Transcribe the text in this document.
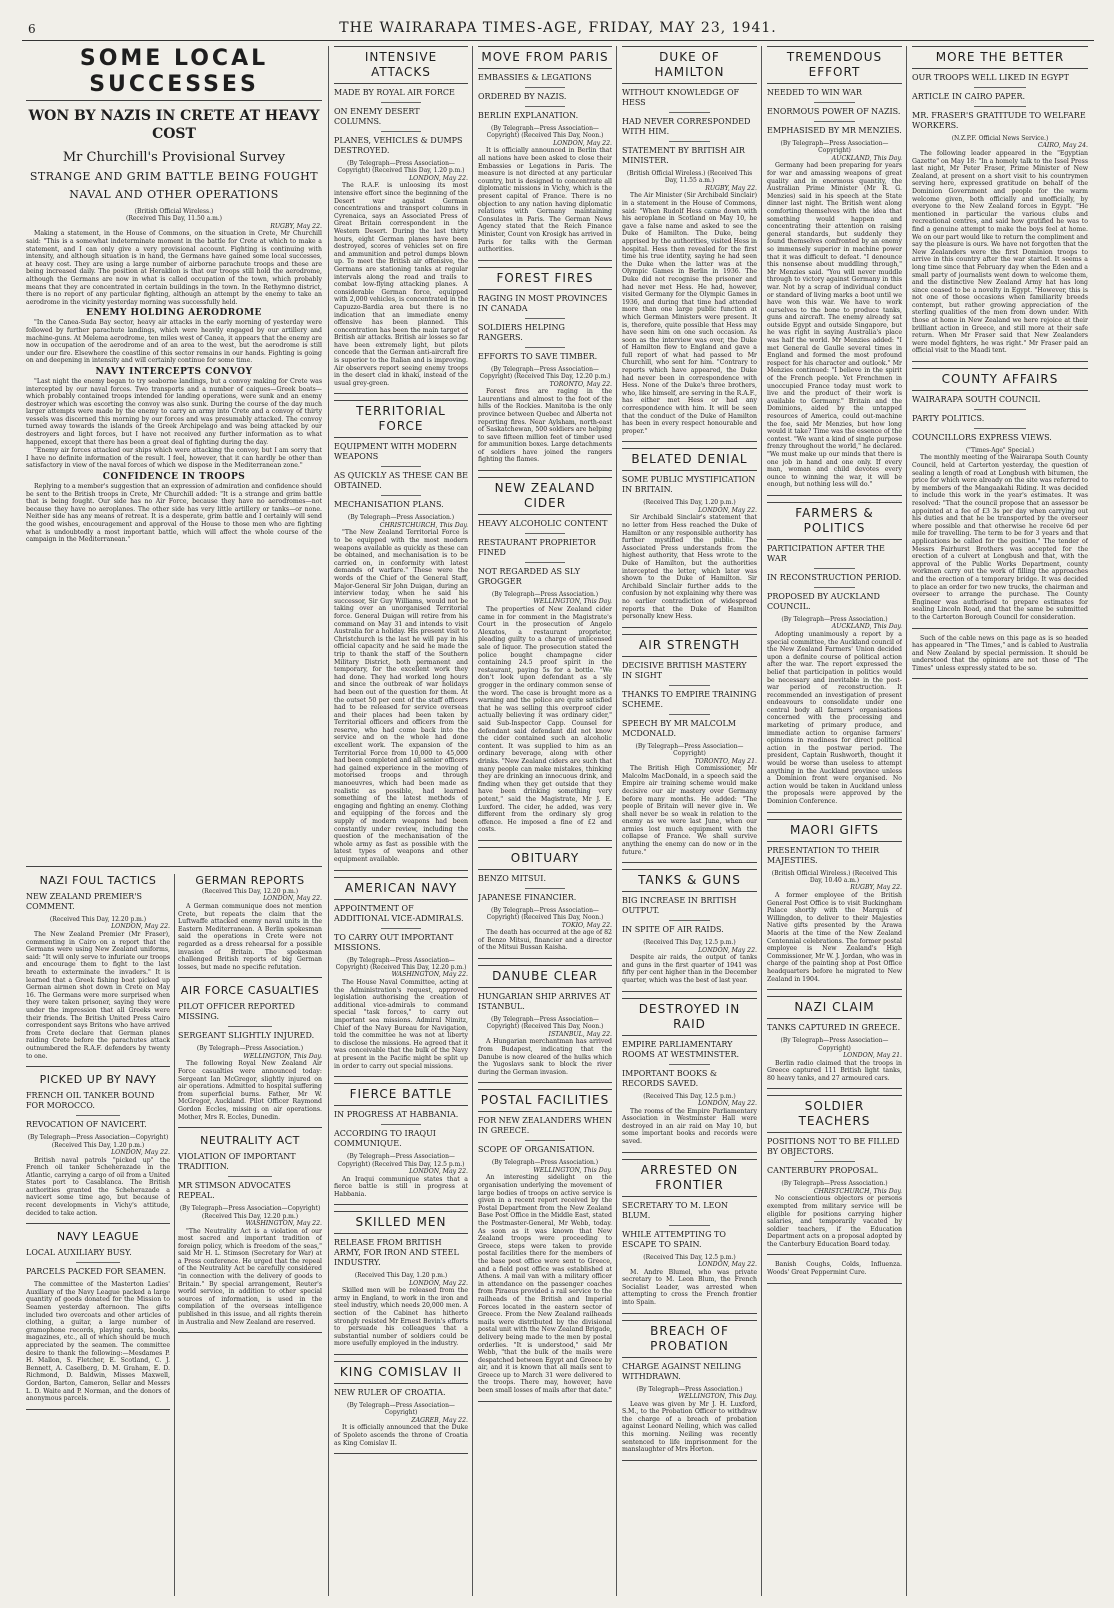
6	THE WAIRARAPA TIMES-AGE, FRIDAY, MAY 23, 1941.
SOME LOCAL SUCCESSES
WON BY NAZIS IN CRETE AT HEAVY COST
Mr Churchill's Provisional Survey
STRANGE AND GRIM BATTLE BEING FOUGHT
NAVAL AND OTHER OPERATIONS
(British Official Wireless.)
(Received This Day, 11.50 a.m.)
RUGBY, May 22.

Making a statement, in the House of Commons, on the situation in Crete, Mr Churchill said: "This is a somewhat indeterminate moment in the battle for Crete at which to make a statement, and I can only give a very provisional account. Fighting is continuing with intensity, and although situation is in hand, the Germans have gained some local successes, at heavy cost. They are using a large number of airborne parachute troops and these are being increased daily. The position at Heraklion is that our troops still hold the aerodrome, although the Germans are now in what is called occupation of the town, which probably means that they are concentrated in certain buildings in the town. In the Rethymno district, there is no report of any particular fighting, although an attempt by the enemy to take an aerodrome in the vicinity yesterday morning was successfully held.

ENEMY HOLDING AERODROME

"In the Canea-Suda Bay sector, heavy air attacks in the early morning of yesterday were followed by further parachute landings, which were heavily engaged by our artillery and machine-guns. At Melema aerodrome, ten miles west of Canea, it appears that the enemy are now in occupation of the aerodrome and of an area to the west, but the aerodrome is still under our fire. Elsewhere the coastline of this sector remains in our hands. Fighting is going on and deepening in intensity and will certainly continue for some time.

NAVY INTERCEPTS CONVOY

"Last night the enemy began to try seaborne landings, but a convoy making for Crete was intercepted by our naval forces. Two transports and a number of caiques—Greek boats—which probably contained troops intended for landing operations, were sunk and an enemy destroyer which was escorting the convoy was also sunk. During the course of the day much larger attempts were made by the enemy to carry an army into Crete and a convoy of thirty vessels was discerned this morning by our forces and was presumably attacked. The convoy turned away towards the islands of the Greek Archipelago and was being attacked by our destroyers and light forces, but I have not received any further information as to what happened, except that there has been a great deal of fighting during the day.

"Enemy air forces attacked our ships which were attacking the convoy, but I am sorry that I have no definite information of the result. I feel, however, that it can hardly be other than satisfactory in view of the naval forces of which we dispose in the Mediterranean zone."

CONFIDENCE IN TROOPS

Replying to a member's suggestion that an expression of admiration and confidence should be sent to the British troops in Crete, Mr Churchill added: "It is a strange and grim battle that is being fought. Our side has no Air Force, because they have no aerodromes—not because they have no aeroplanes. The other side has very little artillery or tanks—or none. Neither side has any means of retreat. It is a desperate, grim battle and I certainly will send the good wishes, encouragement and approval of the House to those men who are fighting what is undoubtedly a most important battle, which will affect the whole course of the campaign in the Mediterranean."

NAZI FOUL TACTICS
NEW ZEALAND PREMIER'S COMMENT.
(Received This Day, 12.20 p.m.)
LONDON, May 22.

The New Zealand Premier (Mr Fraser), commenting in Cairo on a report that the Germans were using New Zealand uniforms, said: "It will only serve to infuriate our troops and encourage them to fight to the last breath to exterminate the invaders." It is learned that a Greek fishing boat picked up German airmen shot down in Crete on May 16. The Germans were more surprised when they were taken prisoner, saying they were under the impression that all Greeks were their friends. The British United Press Cairo correspondent says Britons who have arrived from Crete declare that German planes raiding Crete before the parachutes attack outnumbered the R.A.F. defenders by twenty to one.

PICKED UP BY NAVY
FRENCH OIL TANKER BOUND FOR MOROCCO.
REVOCATION OF NAVICERT.
(By Telegraph—Press Association—Copyright) (Received This Day, 1.20 p.m.)
LONDON, May 22.

British naval patrols "picked up" the French oil tanker Scheherazade in the Atlantic, carrying a cargo of oil from a United States port to Casablanca. The British authorities granted the Scheherazade a navicert some time ago, but because of recent developments in Vichy's attitude, decided to take action.

NAVY LEAGUE
LOCAL AUXILIARY BUSY.
PARCELS PACKED FOR SEAMEN.

The committee of the Masterton Ladies' Auxiliary of the Navy League packed a large quantity of goods donated for the Mission to Seamen yesterday afternoon. The gifts included two overcoats and other articles of clothing, a guitar, a large number of gramophone records, playing cards, books, magazines, etc., all of which should be much appreciated by the seamen. The committee desire to thank the following:—Mesdames P. H. Mallon, S. Fletcher, E. Scotland, C. J. Bennett, A. Caselberg, D. M. Graham, E. D. Richmond, D. Baldwin, Misses Maxwell, Gordon, Barton, Cameron, Sellar and Messrs L. D. Waite and P. Norman, and the donors of anonymous parcels.

GERMAN REPORTS
(Received This Day, 12.20 p.m.)
LONDON, May 22.

A German communique does not mention Crete, but repeats the claim that the Luftwaffe attacked enemy naval units in the Eastern Mediterranean. A Berlin spokesman said the operations in Crete were not regarded as a dress rehearsal for a possible invasion of Britain. The spokesman challenged British reports of big German losses, but made no specific refutation.

AIR FORCE CASUALTIES
PILOT OFFICER REPORTED MISSING.
SERGEANT SLIGHTLY INJURED.
(By Telegraph—Press Association.)
WELLINGTON, This Day.

The following Royal New Zealand Air Force casualties were announced today: Sergeant Ian McGregor, slightly injured on air operations. Admitted to hospital suffering from superficial burns. Father, Mr W. McGregor, Auckland. Pilot Officer Raymond Gordon Eccles, missing on air operations. Mother, Mrs R. Eccles, Dunedin.

NEUTRALITY ACT
VIOLATION OF IMPORTANT TRADITION.
MR STIMSON ADVOCATES REPEAL.
(By Telegraph—Press Association—Copyright) (Received This Day, 12.20 p.m.)
WASHINGTON, May 22.

"The Neutrality Act is a violation of our most sacred and important tradition of foreign policy, which is freedom of the seas," said Mr H. L. Stimson (Secretary for War) at a Press conference. He urged that the repeal of the Neutrality Act be carefully considered "in connection with the delivery of goods to Britain." By special arrangement, Reuter's world service, in addition to other special sources of information, is used in the compilation of the overseas intelligence published in this issue, and all rights therein in Australia and New Zealand are reserved.

INTENSIVE ATTACKS
MADE BY ROYAL AIR FORCE
ON ENEMY DESERT COLUMNS.
PLANES, VEHICLES & DUMPS DESTROYED.
(By Telegraph—Press Association—Copyright) (Received This Day, 1.20 p.m.)
LONDON, May 22.

The R.A.F. is unloosing its most intensive effort since the beginning of the Desert war against German concentrations and transport columns in Cyrenaica, says an Associated Press of Great Britain correspondent in the Western Desert. During the last thirty hours, eight German planes have been destroyed, scores of vehicles set on fire and ammunition and petrol dumps blown up. To meet the British air offensive, the Germans are stationing tanks at regular intervals along the road and trails to combat low-flying attacking planes. A considerable German force, equipped with 2,000 vehicles, is concentrated in the Capuzzo-Bardia area but there is no indication that an immediate enemy offensive has been planned. This concentration has been the main target of British air attacks. British air losses so far have been extremely light, but pilots concede that the German anti-aircraft fire is superior to the Italian and is improving. Air observers report seeing enemy troops in the desert clad in khaki, instead of the usual grey-green.

TERRITORIAL FORCE
EQUIPMENT WITH MODERN WEAPONS
AS QUICKLY AS THESE CAN BE OBTAINED.
MECHANISATION PLANS.
(By Telegraph—Press Association.)
CHRISTCHURCH, This Day.

"The New Zealand Territorial Force is to be equipped with the most modern weapons available as quickly as these can be obtained, and mechanisation is to be carried on, in conformity with latest demands of warfare." These were the words of the Chief of the General Staff, Major-General Sir John Duigan, during an interview today, when he said his successor, Sir Guy Williams, would not be taking over an unorganised Territorial force. General Duigan will retire from his command on May 31 and intends to visit Australia for a holiday. His present visit to Christchurch is the last he will pay in his official capacity and he said he made the trip to thank the staff of the Southern Military District, both permanent and temporary, for the excellent work they had done. They had worked long hours and since the outbreak of war holidays had been out of the question for them. At the outset 50 per cent of the staff officers had to be released for service overseas and their places had been taken by Territorial officers and officers from the reserve, who had come back into the service and on the whole had done excellent work. The expansion of the Territorial Force from 10,000 to 45,000 had been completed and all senior officers had gained experience in the moving of motorised troops and through manoeuvres, which had been made as realistic as possible, had learned something of the latest methods of engaging and fighting an enemy. Clothing and equipping of the forces and the supply of modern weapons had been constantly under review, including the question of the mechanisation of the whole army as fast as possible with the latest types of weapons and other equipment available.

AMERICAN NAVY
APPOINTMENT OF ADDITIONAL VICE-ADMIRALS.
TO CARRY OUT IMPORTANT MISSIONS.
(By Telegraph—Press Association—Copyright) (Received This Day, 12.20 p.m.)
WASHINGTON, May 22.

The House Naval Committee, acting at the Administration's request, approved legislation authorising the creation of additional vice-admirals to command special "task forces," to carry out important sea missions. Admiral Nimitz, Chief of the Navy Bureau for Navigation, told the committee he was not at liberty to disclose the missions. He agreed that it was conceivable that the bulk of the Navy at present in the Pacific might be split up in order to carry out special missions.

FIERCE BATTLE
IN PROGRESS AT HABBANIA.
ACCORDING TO IRAQUI COMMUNIQUE.
(By Telegraph—Press Association—Copyright) (Received This Day, 12.5 p.m.)
LONDON, May 22.

An Iraqui communique states that a fierce battle is still in progress at Habbania.

SKILLED MEN
RELEASE FROM BRITISH ARMY, FOR IRON AND STEEL INDUSTRY.
(Received This Day, 1.20 p.m.)
LONDON, May 22.

Skilled men will be released from the army in England, to work in the iron and steel industry, which needs 20,000 men. A section of the Cabinet has hitherto strongly resisted Mr Ernest Bevin's efforts to persuade his colleagues that a substantial number of soldiers could be more usefully employed in the industry.

KING COMISLAV II
NEW RULER OF CROATIA.
(By Telegraph—Press Association—Copyright)
ZAGREB, May 22.

It is officially announced that the Duke of Spoleto ascends the throne of Croatia as King Comislav II.

MOVE FROM PARIS
EMBASSIES & LEGATIONS
ORDERED BY NAZIS.
BERLIN EXPLANATION.
(By Telegraph—Press Association—Copyright) (Received This Day, Noon.)
LONDON, May 22.

It is officially announced in Berlin that all nations have been asked to close their Embassies or Legations in Paris. The measure is not directed at any particular country, but is designed to concentrate all diplomatic missions in Vichy, which is the present capital of France. There is no objection to any nation having diplomatic relations with Germany maintaining Consulates in Paris. The German News Agency stated that the Reich Finance Minister, Count von Krosigk has arrived in Paris for talks with the German authorities.

FOREST FIRES
RAGING IN MOST PROVINCES IN CANADA
SOLDIERS HELPING RANGERS.
EFFORTS TO SAVE TIMBER.
(By Telegraph—Press Association—Copyright) (Received This Day, 12.20 p.m.)
TORONTO, May 22.

Forest fires are raging in the Laurentians and almost to the foot of the hills of the Rockies. Manitoba is the only province between Quebec and Alberta not reporting fires. Near Aylsham, north-east of Saskatchewan, 500 soldiers are helping to save fifteen million feet of timber used for ammunition boxes. Large detachments of soldiers have joined the rangers fighting the flames.

NEW ZEALAND CIDER
HEAVY ALCOHOLIC CONTENT
RESTAURANT PROPRIETOR FINED
NOT REGARDED AS SLY GROGGER
(By Telegraph—Press Association.)
WELLINGTON, This Day.

The properties of New Zealand cider came in for comment in the Magistrate's Court in the prosecution of Angelo Alexatos, a restaurant proprietor, pleading guilty to a charge of unlicensed sale of liquor. The prosecution stated the police bought champagne cider containing 24.5 proof spirit in the restaurant, paying 5s for a bottle. "We don't look upon defendant as a sly grogger in the ordinary common sense of the word. The case is brought more as a warning and the police are quite satisfied that he was selling this overproof cider actually believing it was ordinary cider," said Sub-Inspector Capp. Counsel for defendant said defendant did not know the cider contained such an alcoholic content. It was supplied to him as an ordinary beverage, along with other drinks. "New Zealand ciders are such that many people can make mistakes, thinking they are drinking an innocuous drink, and finding when they get outside that they have been drinking something very potent," said the Magistrate, Mr J. E. Luxford. The cider, he added, was very different from the ordinary sly grog offence. He imposed a fine of £2 and costs.

OBITUARY
BENZO MITSUI.
JAPANESE FINANCIER.
(By Telegraph—Press Association—Copyright) (Received This Day, Noon.)
TOKIO, May 22.

The death has occurred at the age of 82 of Benzo Mitsui, financier and a director of the Mitsui Bussan Kaisha.

DANUBE CLEAR
HUNGARIAN SHIP ARRIVES AT ISTANBUL.
(By Telegraph—Press Association—Copyright) (Received This Day, Noon.)
ISTANBUL, May 22.

A Hungarian merchantman has arrived from Budapest, indicating that the Danube is now cleared of the hulks which the Yugoslavs sank to block the river during the German invasion.

POSTAL FACILITIES
FOR NEW ZEALANDERS WHEN IN GREECE.
SCOPE OF ORGANISATION.
(By Telegraph—Press Association.)
WELLINGTON, This Day.

An interesting sidelight on the organisation underlying the movement of large bodies of troops on active service is given in a recent report received by the Postal Department from the New Zealand Base Post Office in the Middle East, stated the Postmaster-General, Mr Webb, today. As soon as it was known that New Zealand troops were proceeding to Greece, steps were taken to provide postal facilities there for the members of the base post office were sent to Greece, and a field post office was established at Athens. A mail van with a military officer in attendance on the passenger coaches from Piraeus provided a rail service to the railheads of the British and Imperial Forces located in the eastern sector of Greece. From the New Zealand railheads mails were distributed by the divisional postal unit with the New Zealand Brigade, delivery being made to the men by postal orderlies. "It is understood," said Mr Webb, "that the bulk of the mails were despatched between Egypt and Greece by air, and it is known that all mails sent to Greece up to March 31 were delivered to the troops. There may, however, have been small losses of mails after that date."

DUKE OF HAMILTON
WITHOUT KNOWLEDGE OF HESS
HAD NEVER CORRESPONDED WITH HIM.
STATEMENT BY BRITISH AIR MINISTER.
(British Official Wireless.) (Received This Day, 11.55 a.m.)
RUGBY, May 22.

The Air Minister (Sir Archibald Sinclair) in a statement in the House of Commons, said: "When Rudolf Hess came down with his aeroplane in Scotland on May 10, he gave a false name and asked to see the Duke of Hamilton. The Duke, being apprised by the authorities, visited Hess in hospital. Hess then revealed for the first time his true identity, saying he had seen the Duke when the latter was at the Olympic Games in Berlin in 1936. The Duke did not recognise the prisoner and had never met Hess. He had, however, visited Germany for the Olympic Games in 1936, and during that time had attended more than one large public function at which German Ministers were present. It is, therefore, quite possible that Hess may have seen him on one such occasion. As soon as the interview was over, the Duke of Hamilton flew to England and gave a full report of what had passed to Mr Churchill, who sent for him. "Contrary to reports which have appeared, the Duke had never been in correspondence with Hess. None of the Duke's three brothers, who, like himself, are serving in the R.A.F., has either met Hess or had any correspondence with him. It will be seen that the conduct of the Duke of Hamilton has been in every respect honourable and proper."

BELATED DENIAL
SOME PUBLIC MYSTIFICATION IN BRITAIN.
(Received This Day, 1.20 p.m.)
LONDON, May 22.

Sir Archibald Sinclair's statement that no letter from Hess reached the Duke of Hamilton or any responsible authority has further mystified the public. The Associated Press understands from the highest authority, that Hess wrote to the Duke of Hamilton, but the authorities intercepted the letter, which later was shown to the Duke of Hamilton. Sir Archibald Sinclair further adds to the confusion by not explaining why there was no earlier contradiction of widespread reports that the Duke of Hamilton personally knew Hess.

AIR STRENGTH
DECISIVE BRITISH MASTERY IN SIGHT
THANKS TO EMPIRE TRAINING SCHEME.
SPEECH BY MR MALCOLM MCDONALD.
(By Telegraph—Press Association—Copyright)
TORONTO, May 21.

The British High Commissioner, Mr Malcolm MacDonald, in a speech said the Empire air training scheme would make decisive our air mastery over Germany before many months. He added: "The people of Britain will never give in. We shall never be so weak in relation to the enemy as we were last June, when our armies lost much equipment with the collapse of France. We shall survive anything the enemy can do now or in the future."

TANKS & GUNS
BIG INCREASE IN BRITISH OUTPUT.
IN SPITE OF AIR RAIDS.
(Received This Day, 12.5 p.m.)
LONDON, May 22.

Despite air raids, the output of tanks and guns in the first quarter of 1941 was fifty per cent higher than in the December quarter, which was the best of last year.

DESTROYED IN RAID
EMPIRE PARLIAMENTARY ROOMS AT WESTMINSTER.
IMPORTANT BOOKS & RECORDS SAVED.
(Received This Day, 12.5 p.m.)
LONDON, May 22.

The rooms of the Empire Parliamentary Association in Westminster Hall were destroyed in an air raid on May 10, but some important books and records were saved.

ARRESTED ON FRONTIER
SECRETARY TO M. LEON BLUM.
WHILE ATTEMPTING TO ESCAPE TO SPAIN.
(Received This Day, 12.5 p.m.)
LONDON, May 22.

M. Andre Blumel, who was private secretary to M. Leon Blum, the French Socialist Leader, was arrested when attempting to cross the French frontier into Spain.

BREACH OF PROBATION
CHARGE AGAINST NEILING WITHDRAWN.
(By Telegraph—Press Association.)
WELLINGTON, This Day.

Leave was given by Mr J. H. Luxford, S.M., to the Probation Officer to withdraw the charge of a breach of probation against Leonard Neiling, which was called this morning. Neiling was recently sentenced to life imprisonment for the manslaughter of Mrs Horton.

TREMENDOUS EFFORT
NEEDED TO WIN WAR
ENORMOUS POWER OF NAZIS.
EMPHASISED BY MR MENZIES.
(By Telegraph—Press Association—Copyright)
AUCKLAND, This Day.

Germany had been preparing for years for war and amassing weapons of great quality and in enormous quantity, the Australian Prime Minister (Mr R. G. Menzies) said in his speech at the State dinner last night. The British went along comforting themselves with the idea that something would happen and concentrating their attention on raising general standards, but suddenly they found themselves confronted by an enemy so immensely superior in machine power that it was difficult to defeat. "I denounce this nonsense about muddling through," Mr Menzies said. "You will never muddle through to victory against Germany in this war. Not by a scrap of individual conduct or standard of living marks a boot until we have won this war. We have to work ourselves to the bone to produce tanks, guns and aircraft. The enemy already sat outside Egypt and outside Singapore, but he was right in saying Australia's place was half the world. Mr Menzies added: "I met General de Gaulle several times in England and formed the most profound respect for his character and outlook." Mr Menzies continued: "I believe in the spirit of the French people. Yet Frenchmen in unoccupied France today must work to live and the product of their work is available to Germany." Britain and the Dominions, aided by the untapped resources of America, could out-machine the foe, said Mr Menzies, but how long would it take? Time was the essence of the contest. "We want a kind of single purpose frenzy throughout the world," he declared. "We must make up our minds that there is one job in hand and one only. If every man, woman and child devotes every ounce to winning the war, it will be enough, but nothing less will do."

FARMERS & POLITICS
PARTICIPATION AFTER THE WAR
IN RECONSTRUCTION PERIOD.
PROPOSED BY AUCKLAND COUNCIL.
(By Telegraph—Press Association.)
AUCKLAND, This Day.

Adopting unanimously a report by a special committee, the Auckland council of the New Zealand Farmers' Union decided upon a definite course of political action after the war. The report expressed the belief that participation in politics would be necessary and inevitable in the post-war period of reconstruction. It recommended an investigation of present endeavours to consolidate under one central body all farmers' organisations concerned with the processing and marketing of primary produce, and immediate action to organise farmers' opinions in readiness for direct political action in the postwar period. The president, Captain Rushworth, thought it would be worse than useless to attempt anything in the Auckland province unless a Dominion front were organised. No action would be taken in Auckland unless the proposals were approved by the Dominion Conference.

MAORI GIFTS
PRESENTATION TO THEIR MAJESTIES.
(British Official Wireless.) (Received This Day, 10.40 a.m.)
RUGBY, May 22.

A former employee of the British General Post Office is to visit Buckingham Palace shortly with the Marquis of Willingdon, to deliver to their Majesties Native gifts presented by the Arawa Maoris at the time of the New Zealand Centennial celebrations. The former postal employee is New Zealand's High Commissioner, Mr W. J. Jordan, who was in charge of the painting shop at Post Office headquarters before he migrated to New Zealand in 1904.

NAZI CLAIM
TANKS CAPTURED IN GREECE.
(By Telegraph—Press Association—Copyright)
LONDON, May 21.

Berlin radio claimed that the troops in Greece captured 111 British light tanks, 80 heavy tanks, and 27 armoured cars.

SOLDIER TEACHERS
POSITIONS NOT TO BE FILLED BY OBJECTORS.
CANTERBURY PROPOSAL.
(By Telegraph—Press Association.)
CHRISTCHURCH, This Day.

No conscientious objectors or persons exempted from military service will be eligible for positions carrying higher salaries, and temporarily vacated by soldier teachers, if the Education Department acts on a proposal adopted by the Canterbury Education Board today.

Banish Coughs, Colds, Influenza. Woods' Great Peppermint Cure.

MORE THE BETTER
OUR TROOPS WELL LIKED IN EGYPT
ARTICLE IN CAIRO PAPER.
MR. FRASER'S GRATITUDE TO WELFARE WORKERS.
(N.Z.P.F. Official News Service.)
CAIRO, May 24.

The following leader appeared in the "Egyptian Gazette" on May 18: "In a homely talk to the Issel Press last night, Mr Peter Fraser, Prime Minister of New Zealand, at present on a short visit to his countrymen serving here, expressed gratitude on behalf of the Dominion Government and people for the warm welcome given, both officially and unofficially, by everyone to the New Zealand forces in Egypt. "He mentioned in particular the various clubs and recreational centres, and said how gratified he was to find a genuine attempt to make the boys feel at home. We on our part would like to return the compliment and say the pleasure is ours. We have not forgotten that the New Zealanders were the first Dominion troops to arrive in this country after the war started. It seems a long time since that February day when the Eden and a small party of journalists went down to welcome them, and the distinctive New Zealand Army hat has long since ceased to be a novelty in Egypt. "However, this is not one of those occasions when familiarity breeds contempt, but rather growing appreciation of the sterling qualities of the men from down under. With those at home in New Zealand we here rejoice at their brilliant action in Greece, and still more at their safe return. When Mr Fraser said that New Zealanders were model fighters, he was right." Mr Fraser paid an official visit to the Maadi tent.

COUNTY AFFAIRS
WAIRARAPA SOUTH COUNCIL
PARTY POLITICS.
COUNCILLORS EXPRESS VIEWS.
("Times-Age" Special.)

The monthly meeting of the Wairarapa South County Council, held at Carterton yesterday, the question of sealing a length of road at Longbush with bitumen, the price for which were already on the site was referred to by members of the Mangaakahi Riding. It was decided to include this work in the year's estimates. It was resolved: "That the council propose that an assessor be appointed at a fee of £3 3s per day when carrying out his duties and that he be transported by the overseer where possible and that otherwise he receive 6d per mile for travelling. The term to be for 3 years and that applications be called for the position." The tender of Messrs Fairhurst Brothers was accepted for the erection of a culvert at Longbush and that, with the approval of the Public Works Department, county workmen carry out the work of filling the approaches and the erection of a temporary bridge. It was decided to place an order for two new trucks, the chairman and overseer to arrange the purchase. The County Engineer was authorised to prepare estimates for sealing Lincoln Road, and that the same be submitted to the Carterton Borough Council for consideration.

Such of the cable news on this page as is so headed has appeared in "The Times," and is cabled to Australia and New Zealand by special permission. It should be understood that the opinions are not those of "The Times" unless expressly stated to be so.
